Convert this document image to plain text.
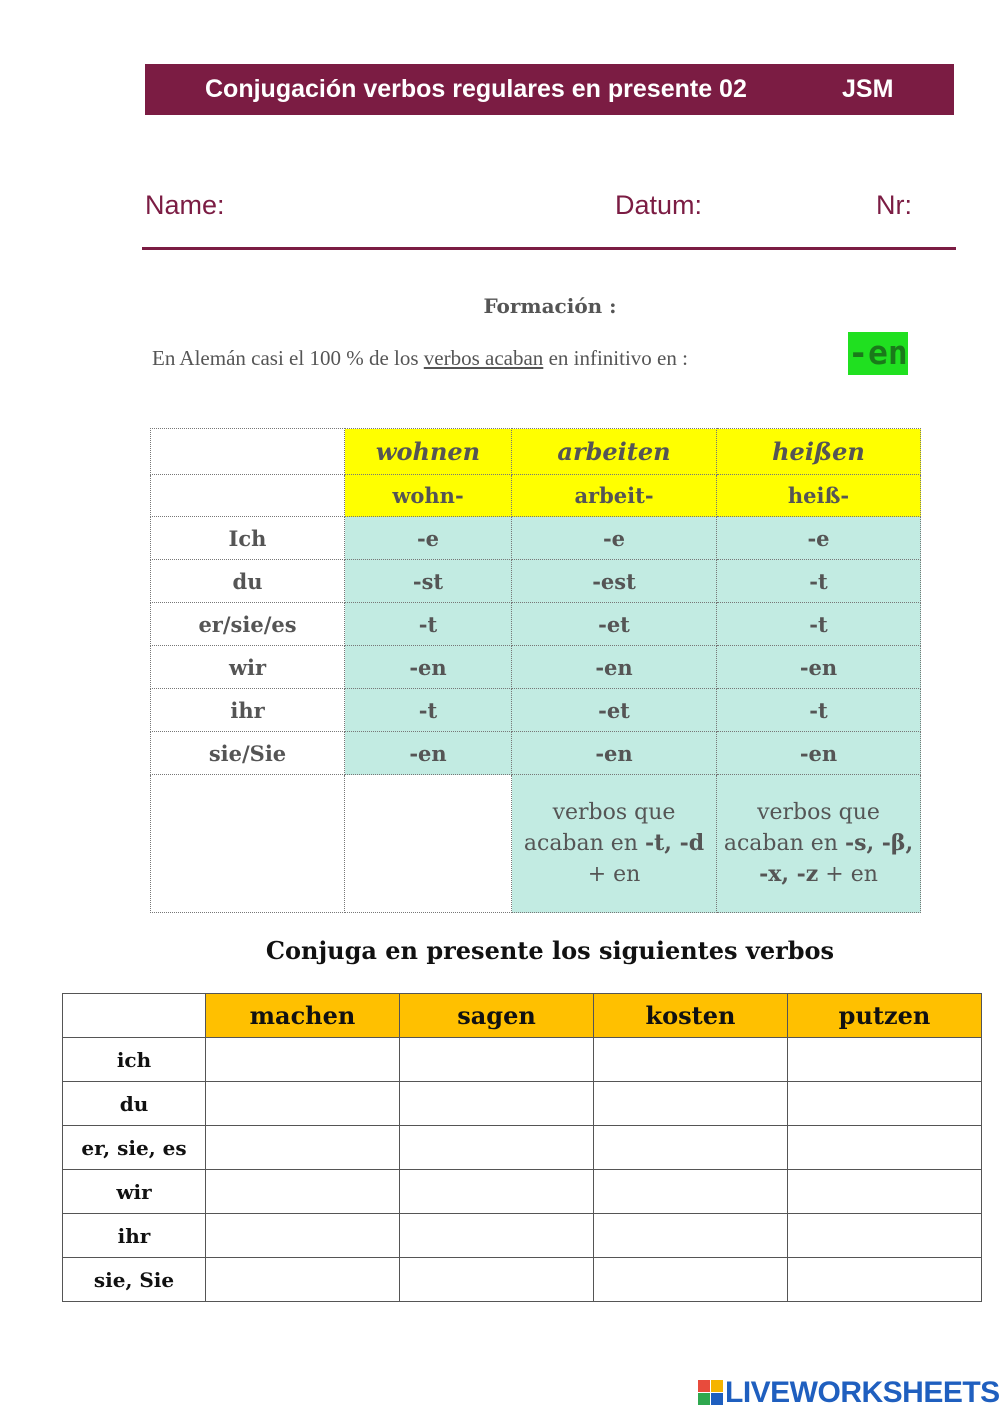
Conjugación verbos regulares en presente 02	JSM
Name:	Datum:	Nr:
Formación :
En Alemán casi el 100 % de los verbos acaban en infinitivo en :	-en
	wohnen	arbeiten	heißen
	wohn-	arbeit-	heiß-
Ich	-e	-e	-e
du	-st	-est	-t
er/sie/es	-t	-et	-t
wir	-en	-en	-en
ihr	-t	-et	-t
sie/Sie	-en	-en	-en
		verbos que acaban en -t, -d + en	verbos que acaban en -s, -β, -x, -z + en
Conjuga en presente los siguientes verbos
	machen	sagen	kosten	putzen
ich				
du				
er, sie, es				
wir				
ihr				
sie, Sie				
LIVEWORKSHEETS
